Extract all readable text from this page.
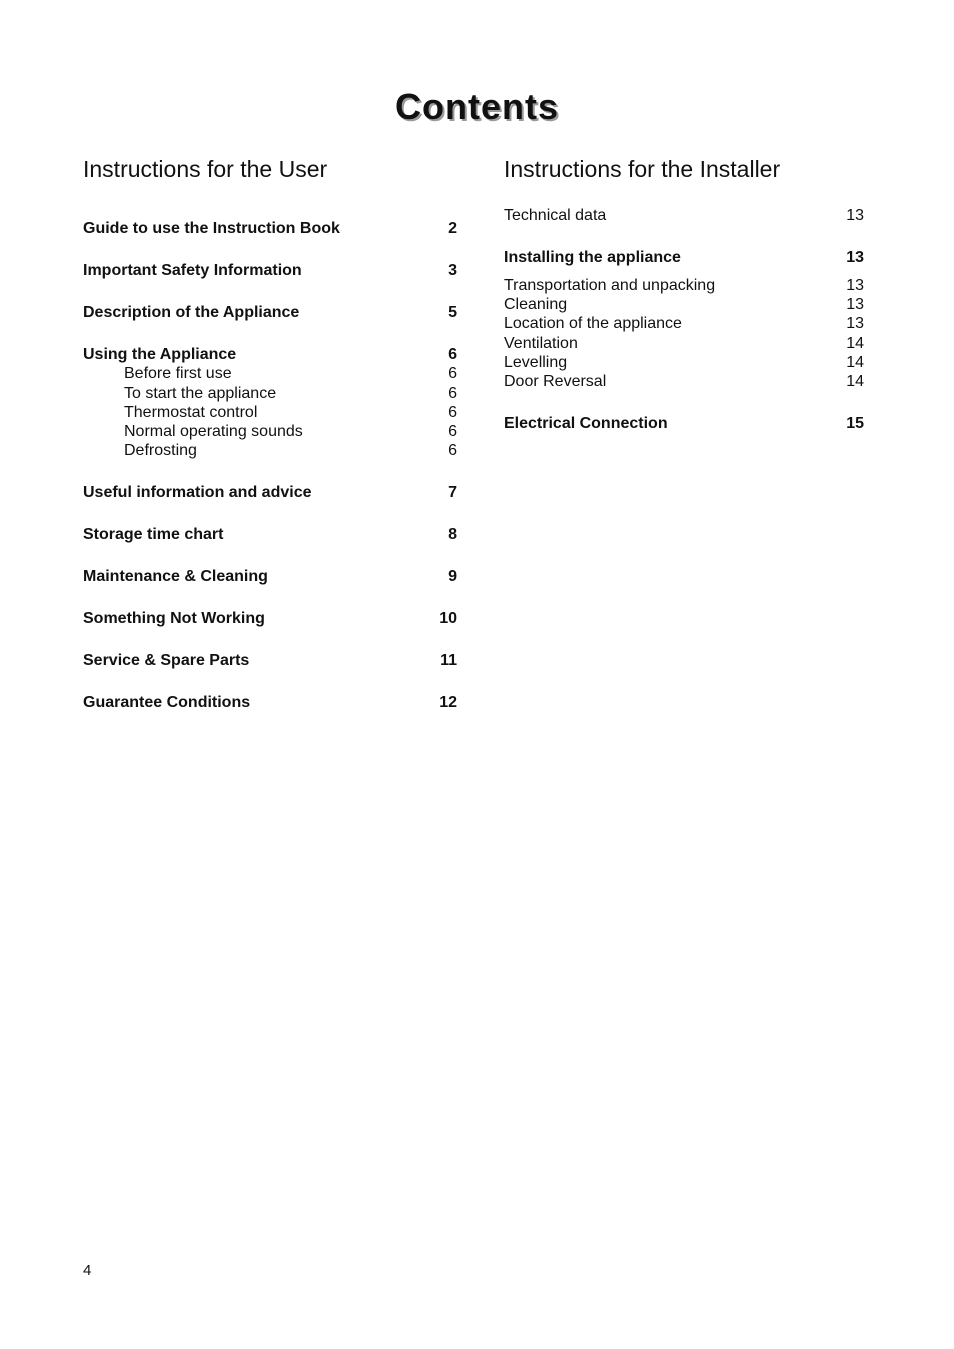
Contents
Instructions for the User
Guide to use the Instruction Book	2
Important Safety Information	3
Description of the Appliance	5
Using the Appliance	6
Before first use	6
To start the appliance	6
Thermostat control	6
Normal operating sounds	6
Defrosting	6
Useful information and advice	7
Storage time chart	8
Maintenance & Cleaning	9
Something Not Working	10
Service & Spare Parts	11
Guarantee Conditions	12
Instructions for the Installer
Technical data	13
Installing the appliance	13
Transportation and unpacking	13
Cleaning	13
Location of the appliance	13
Ventilation	14
Levelling	14
Door Reversal	14
Electrical Connection	15
4
